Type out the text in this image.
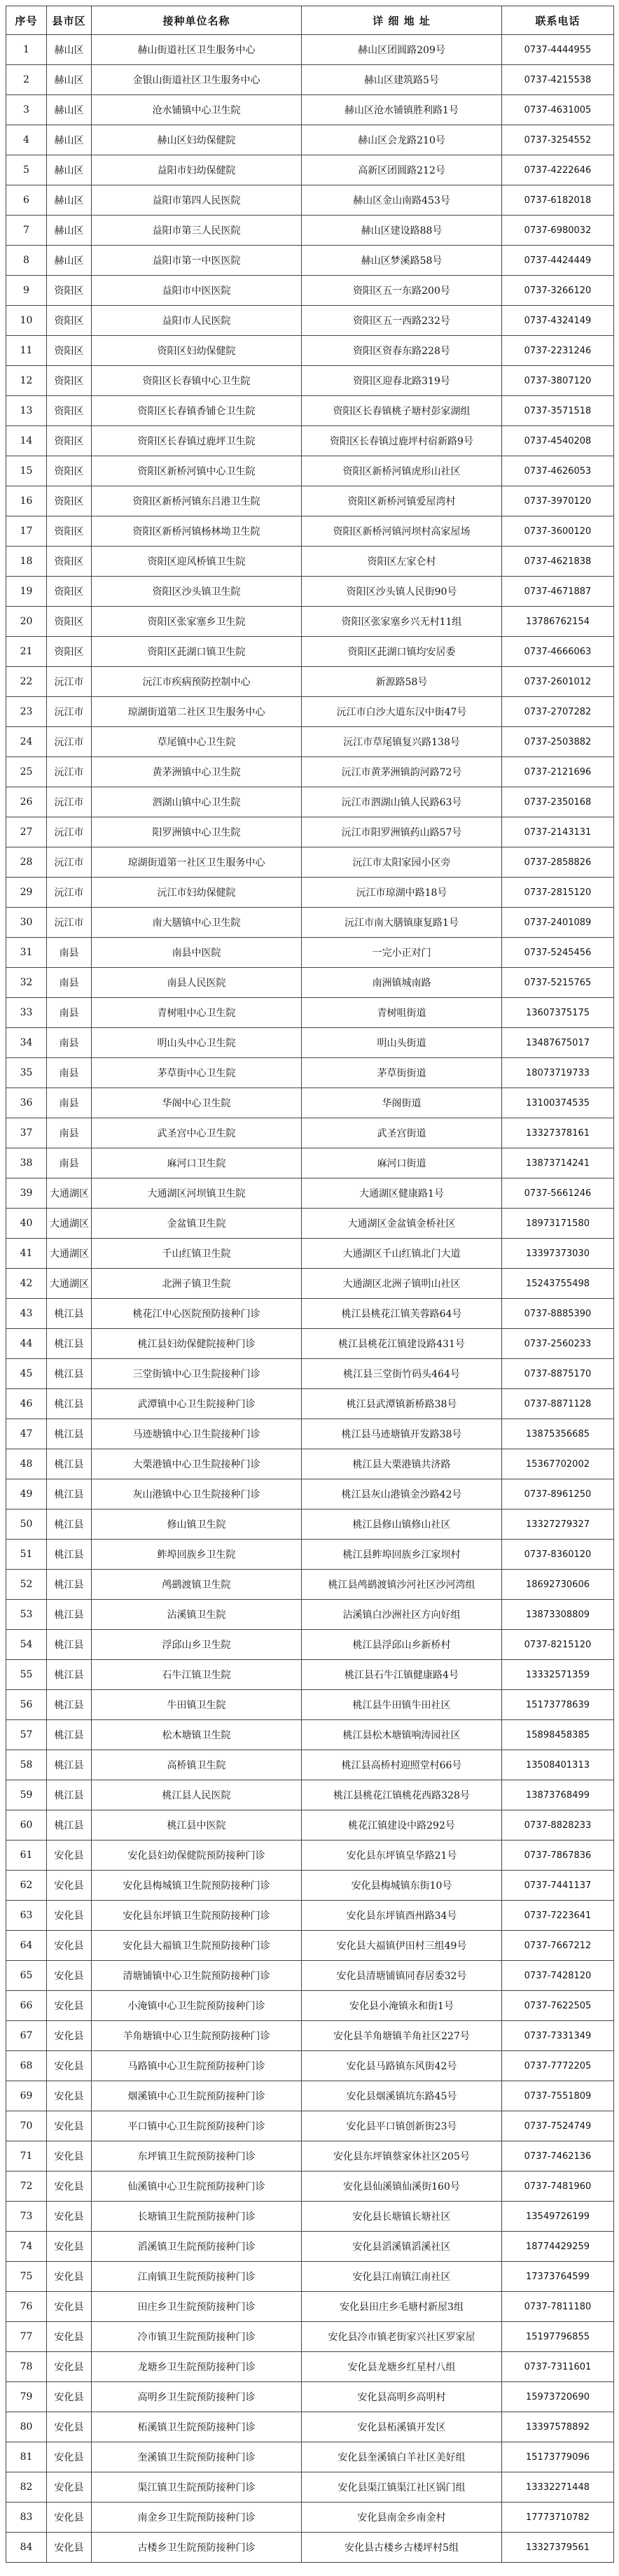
序号	县市区	接种单位名称	详 细 地 址	联系电话
1	赫山区	赫山街道社区卫生服务中心	赫山区团圆路209号	0737-4444955
2	赫山区	金银山街道社区卫生服务中心	赫山区建筑路5号	0737-4215538
3	赫山区	沧水铺镇中心卫生院	赫山区沧水铺镇胜利路1号	0737-4631005
4	赫山区	赫山区妇幼保健院	赫山区会龙路210号	0737-3254552
5	赫山区	益阳市妇幼保健院	高新区团圆路212号	0737-4222646
6	赫山区	益阳市第四人民医院	赫山区金山南路453号	0737-6182018
7	赫山区	益阳市第三人民医院	赫山区建设路88号	0737-6980032
8	赫山区	益阳市第一中医医院	赫山区梦溪路58号	0737-4424449
9	资阳区	益阳市中医医院	资阳区五一东路200号	0737-3266120
10	资阳区	益阳市人民医院	资阳区五一西路232号	0737-4324149
11	资阳区	资阳区妇幼保健院	资阳区资春东路228号	0737-2231246
12	资阳区	资阳区长春镇中心卫生院	资阳区迎春北路319号	0737-3807120
13	资阳区	资阳区长春镇香铺仑卫生院	资阳区长春镇桃子塘村彭家湖组	0737-3571518
14	资阳区	资阳区长春镇过鹿坪卫生院	资阳区长春镇过鹿坪村宿新路9号	0737-4540208
15	资阳区	资阳区新桥河镇中心卫生院	资阳区新桥河镇虎形山社区	0737-4626053
16	资阳区	资阳区新桥河镇东吕港卫生院	资阳区新桥河镇爱屋湾村	0737-3970120
17	资阳区	资阳区新桥河镇杨林坳卫生院	资阳区新桥河镇河坝村高家屋场	0737-3600120
18	资阳区	资阳区迎风桥镇卫生院	资阳区左家仑村	0737-4621838
19	资阳区	资阳区沙头镇卫生院	资阳区沙头镇人民街90号	0737-4671887
20	资阳区	资阳区张家塞乡卫生院	资阳区张家塞乡兴无村11组	13786762154
21	资阳区	资阳区茈湖口镇卫生院	资阳区茈湖口镇均安居委	0737-4666063
22	沅江市	沅江市疾病预防控制中心	新源路58号	0737-2601012
23	沅江市	琼湖街道第二社区卫生服务中心	沅江市白沙大道东汉中街47号	0737-2707282
24	沅江市	草尾镇中心卫生院	沅江市草尾镇复兴路138号	0737-2503882
25	沅江市	黄茅洲镇中心卫生院	沅江市黄茅洲镇韵河路72号	0737-2121696
26	沅江市	泗湖山镇中心卫生院	沅江市泗湖山镇人民路63号	0737-2350168
27	沅江市	阳罗洲镇中心卫生院	沅江市阳罗洲镇药山路57号	0737-2143131
28	沅江市	琼湖街道第一社区卫生服务中心	沅江市太阳家园小区旁	0737-2858826
29	沅江市	沅江市妇幼保健院	沅江市琼湖中路18号	0737-2815120
30	沅江市	南大膳镇中心卫生院	沅江市南大膳镇康复路1号	0737-2401089
31	南县	南县中医院	一完小正对门	0737-5245456
32	南县	南县人民医院	南洲镇城南路	0737-5215765
33	南县	青树咀中心卫生院	青树咀街道	13607375175
34	南县	明山头中心卫生院	明山头街道	13487675017
35	南县	茅草街中心卫生院	茅草街街道	18073719733
36	南县	华阁中心卫生院	华阁街道	13100374535
37	南县	武圣宫中心卫生院	武圣宫街道	13327378161
38	南县	麻河口卫生院	麻河口街道	13873714241
39	大通湖区	大通湖区河坝镇卫生院	大通湖区健康路1号	0737-5661246
40	大通湖区	金盆镇卫生院	大通湖区金盆镇金桥社区	18973171580
41	大通湖区	千山红镇卫生院	大通湖区千山红镇北门大道	13397373030
42	大通湖区	北洲子镇卫生院	大通湖区北洲子镇明山社区	15243755498
43	桃江县	桃花江中心医院预防接种门诊	桃江县桃花江镇芙蓉路64号	0737-8885390
44	桃江县	桃江县妇幼保健院接种门诊	桃江县桃花江镇建设路431号	0737-2560233
45	桃江县	三堂街镇中心卫生院接种门诊	桃江县三堂街竹码头464号	0737-8875170
46	桃江县	武潭镇中心卫生院接种门诊	桃江县武潭镇新桥路38号	0737-8871128
47	桃江县	马迹塘镇中心卫生院接种门诊	桃江县马迹塘镇开发路38号	13875356685
48	桃江县	大栗港镇中心卫生院接种门诊	桃江县大栗港镇共济路	15367702002
49	桃江县	灰山港镇中心卫生院接种门诊	桃江县灰山港镇金沙路42号	0737-8961250
50	桃江县	修山镇卫生院	桃江县修山镇修山社区	13327279327
51	桃江县	鲊埠回族乡卫生院	桃江县鲊埠回族乡江家坝村	0737-8360120
52	桃江县	鸬鹚渡镇卫生院	桃江县鸬鹚渡镇沙河社区沙河湾组	18692730606
53	桃江县	沾溪镇卫生院	沾溪镇白沙洲社区方向好组	13873308809
54	桃江县	浮邱山乡卫生院	桃江县浮邱山乡新桥村	0737-8215120
55	桃江县	石牛江镇卫生院	桃江县石牛江镇健康路4号	13332571359
56	桃江县	牛田镇卫生院	桃江县牛田镇牛田社区	15173778639
57	桃江县	松木塘镇卫生院	桃江县松木塘镇响涛园社区	15898458385
58	桃江县	高桥镇卫生院	桃江县高桥村迎照堂村66号	13508401313
59	桃江县	桃江县人民医院	桃江县桃花江镇桃花西路328号	13873768499
60	桃江县	桃江县中医院	桃花江镇建设中路292号	0737-8828233
61	安化县	安化县妇幼保健院预防接种门诊	安化县东坪镇皇华路21号	0737-7867836
62	安化县	安化县梅城镇卫生院预防接种门诊	安化县梅城镇东街10号	0737-7441137
63	安化县	安化县东坪镇卫生院预防接种门诊	安化县东坪镇酉州路34号	0737-7223641
64	安化县	安化县大福镇卫生院预防接种门诊	安化县大福镇伊田村三组49号	0737-7667212
65	安化县	清塘铺镇中心卫生院预防接种门诊	安化县清塘铺镇同春居委32号	0737-7428120
66	安化县	小淹镇中心卫生院预防接种门诊	安化县小淹镇永和街1号	0737-7622505
67	安化县	羊角塘镇中心卫生院预防接种门诊	安化县羊角塘镇羊角社区227号	0737-7331349
68	安化县	马路镇中心卫生院预防接种门诊	安化县马路镇东风街42号	0737-7772205
69	安化县	烟溪镇中心卫生院预防接种门诊	安化县烟溪镇坑东路45号	0737-7551809
70	安化县	平口镇中心卫生院预防接种门诊	安化县平口镇创新街23号	0737-7524749
71	安化县	东坪镇卫生院预防接种门诊	安化县东坪镇蔡家休社区205号	0737-7462136
72	安化县	仙溪镇中心卫生院预防接种门诊	安化县仙溪镇仙溪街160号	0737-7481960
73	安化县	长塘镇卫生院预防接种门诊	安化县长塘镇长塘社区	13549726199
74	安化县	滔溪镇卫生院预防接种门诊	安化县滔溪镇滔溪社区	18774429259
75	安化县	江南镇卫生院预防接种门诊	安化县江南镇江南社区	17373764599
76	安化县	田庄乡卫生院预防接种门诊	安化县田庄乡毛塘村新屋3组	0737-7811180
77	安化县	冷市镇卫生院预防接种门诊	安化县冷市镇老街家兴社区罗家屋	15197796855
78	安化县	龙塘乡卫生院预防接种门诊	安化县龙塘乡红星村八组	0737-7311601
79	安化县	高明乡卫生院预防接种门诊	安化县高明乡高明村	15973720690
80	安化县	柘溪镇卫生院预防接种门诊	安化县柘溪镇开发区	13397578892
81	安化县	奎溪镇卫生院预防接种门诊	安化县奎溪镇白羊社区美好组	15173779096
82	安化县	渠江镇卫生院预防接种门诊	安化县渠江镇渠江社区锅门组	13332271448
83	安化县	南金乡卫生院预防接种门诊	安化县南金乡南金村	17773710782
84	安化县	古楼乡卫生院预防接种门诊	安化县古楼乡古楼坪村5组	13327379561
